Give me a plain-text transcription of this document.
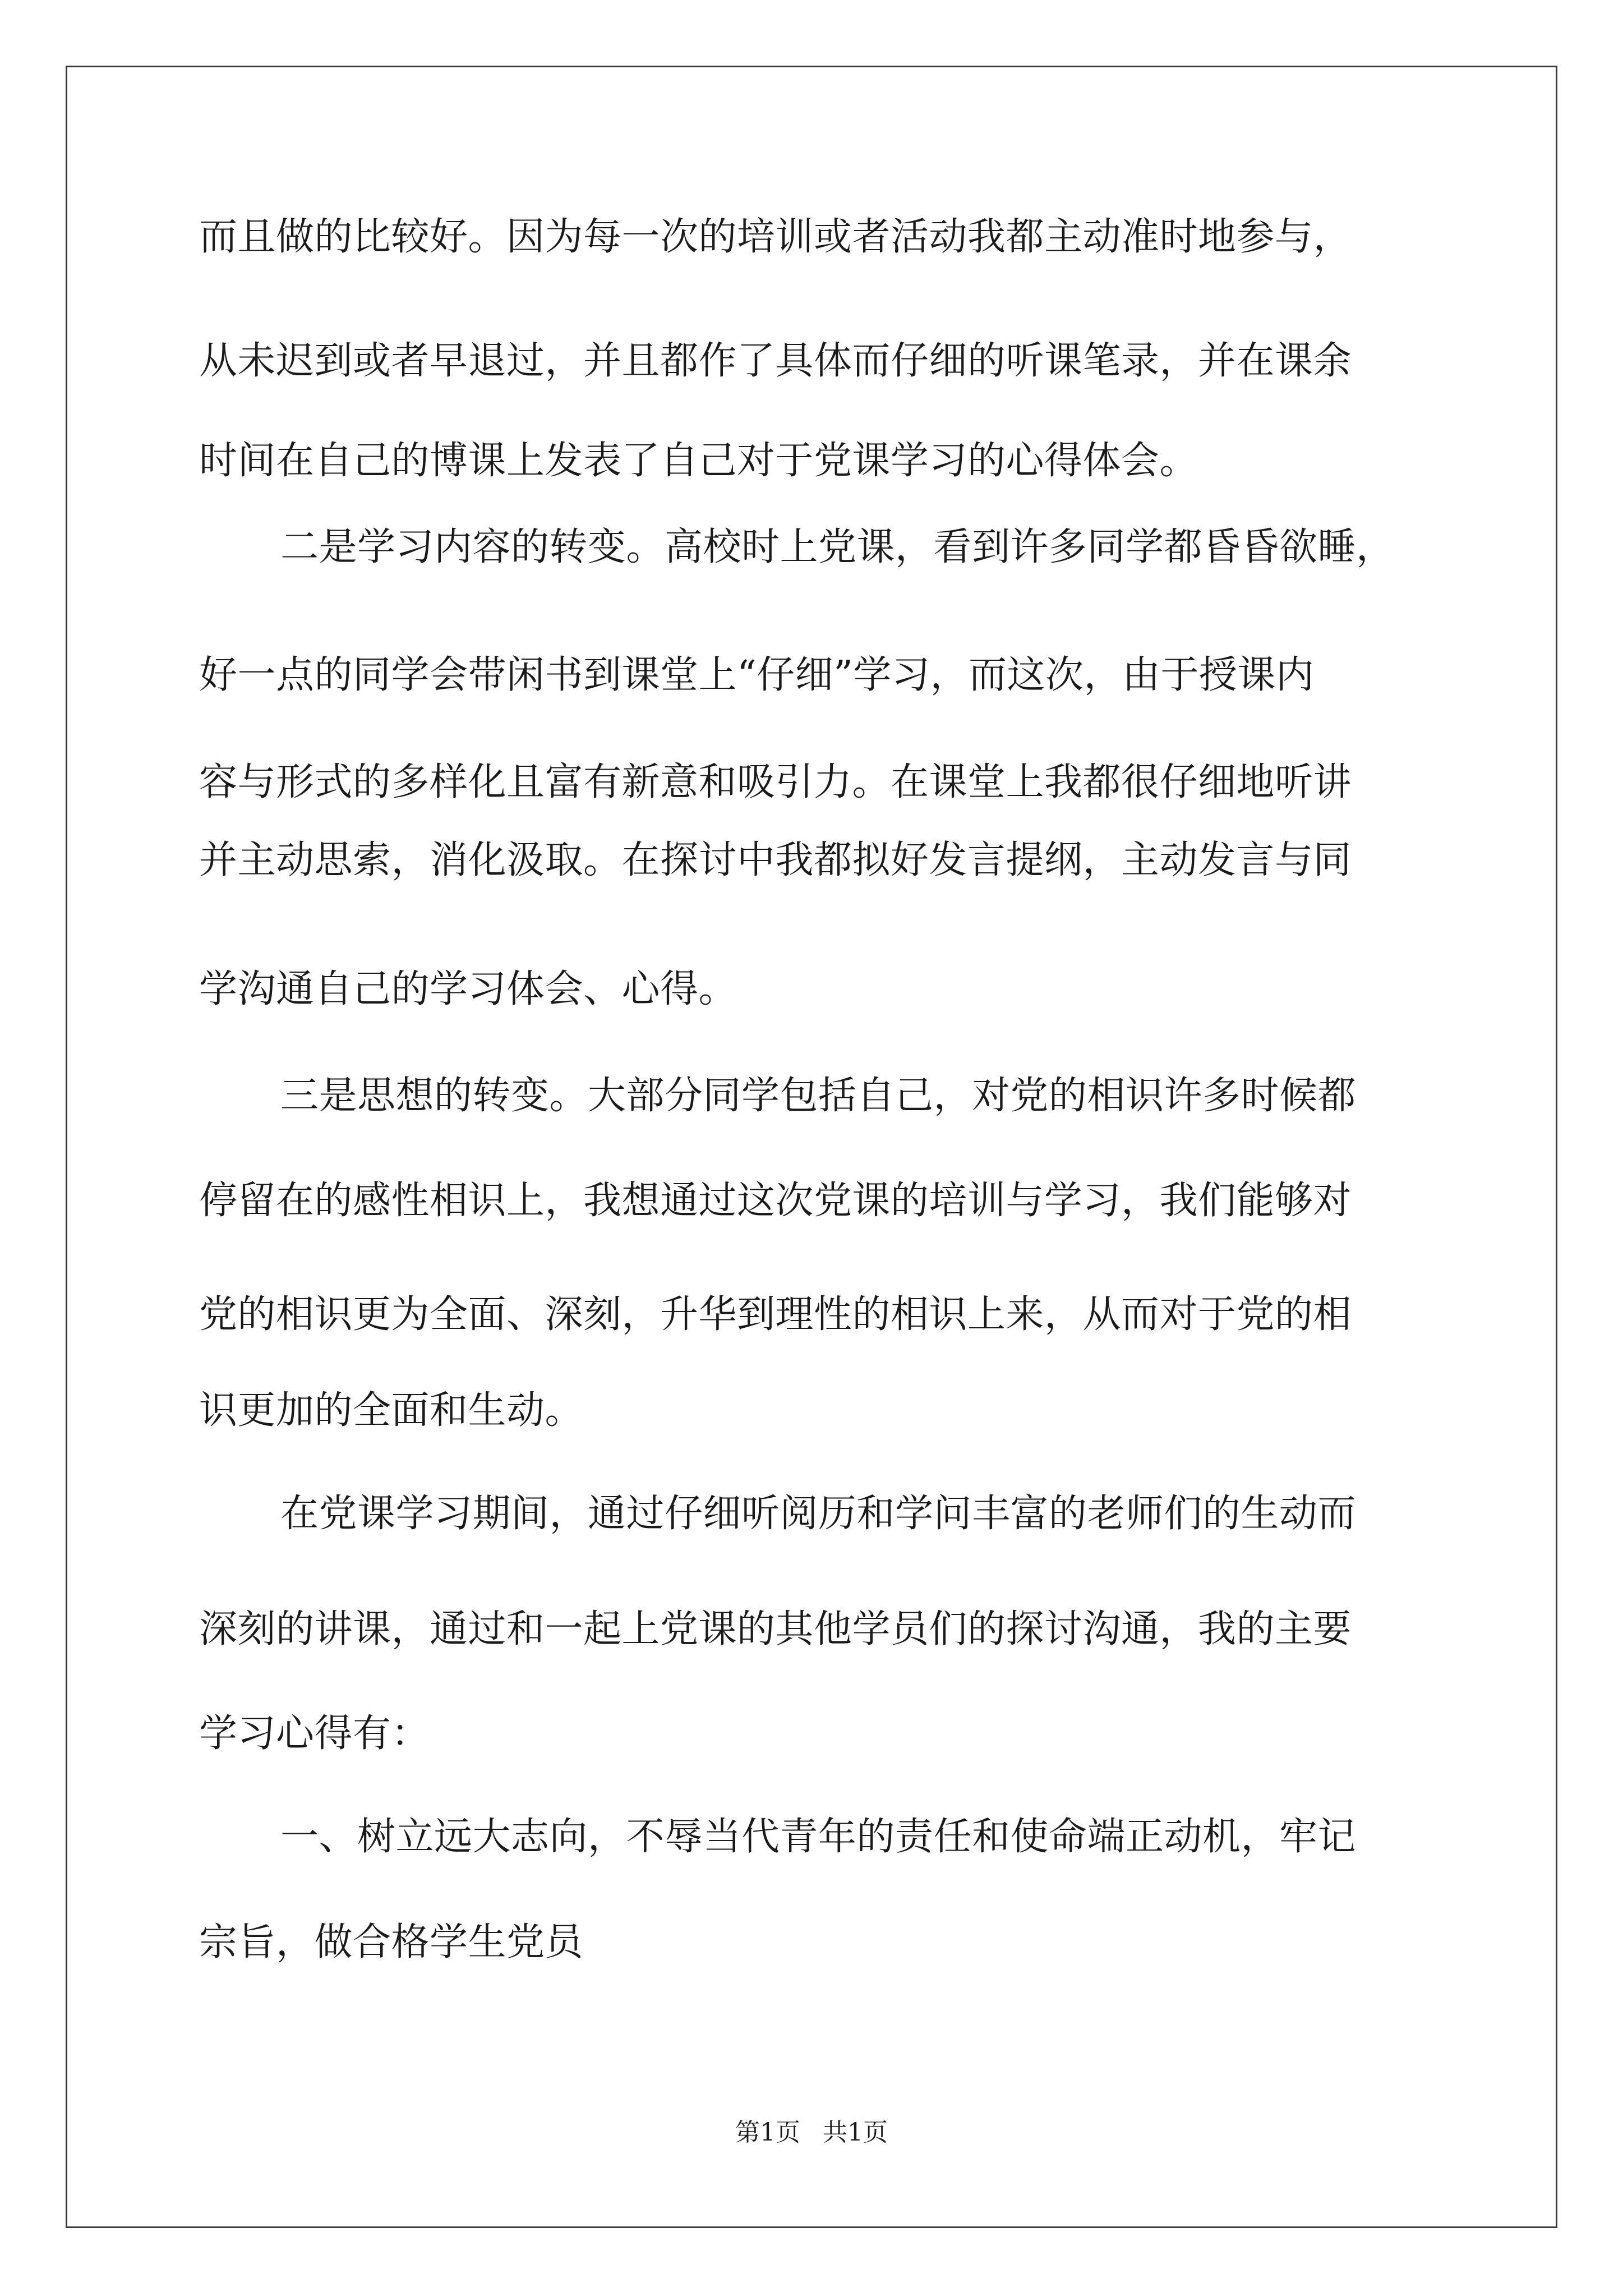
而且做的比较好。因为每一次的培训或者活动我都主动准时地参与，
从未迟到或者早退过，并且都作了具体而仔细的听课笔录，并在课余
时间在自己的博课上发表了自己对于党课学习的心得体会。
二是学习内容的转变。高校时上党课，看到许多同学都昏昏欲睡，
好一点的同学会带闲书到课堂上“仔细”学习，而这次，由于授课内
容与形式的多样化且富有新意和吸引力。在课堂上我都很仔细地听讲
并主动思索，消化汲取。在探讨中我都拟好发言提纲，主动发言与同
学沟通自己的学习体会、心得。
三是思想的转变。大部分同学包括自己，对党的相识许多时候都
停留在的感性相识上，我想通过这次党课的培训与学习，我们能够对
党的相识更为全面、深刻，升华到理性的相识上来，从而对于党的相
识更加的全面和生动。
在党课学习期间，通过仔细听阅历和学问丰富的老师们的生动而
深刻的讲课，通过和一起上党课的其他学员们的探讨沟通，我的主要
学习心得有：
一、树立远大志向，不辱当代青年的责任和使命端正动机，牢记
宗旨，做合格学生党员
第1页 共1页
